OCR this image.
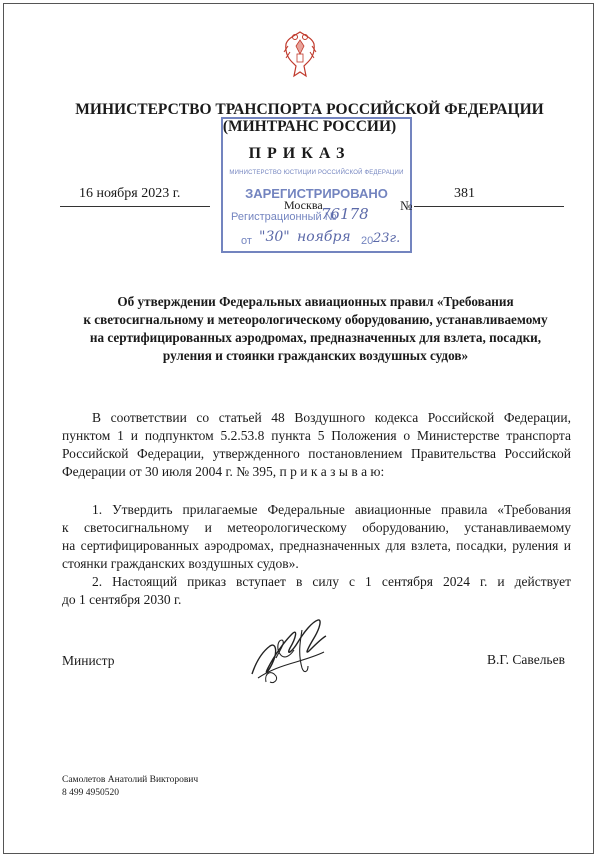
МИНИСТЕРСТВО ТРАНСПОРТА РОССИЙСКОЙ ФЕДЕРАЦИИ
(МИНТРАНС РОССИИ)
МИНИСТЕРСТВО ЮСТИЦИИ РОССИЙСКОЙ ФЕДЕРАЦИИ
ЗАРЕГИСТРИРОВАНО
Регистрационный №
76178
от "30" ноября 20 23г.
ПРИКАЗ
16 ноября 2023 г.
Москва	№
381
Об утверждении Федеральных авиационных правил «Требования
к светосигнальному и метеорологическому оборудованию, устанавливаемому
на сертифицированных аэродромах, предназначенных для взлета, посадки,
руления и стоянки гражданских воздушных судов»
В соответствии со статьей 48 Воздушного кодекса Российской Федерации,
пунктом 1 и подпунктом 5.2.53.8 пункта 5 Положения о Министерстве транспорта
Российской Федерации, утвержденного постановлением Правительства Российской
Федерации от 30 июля 2004 г. № 395, п р и к а з ы в а ю:
1. Утвердить прилагаемые Федеральные авиационные правила «Требования
к светосигнальному и метеорологическому оборудованию, устанавливаемому
на сертифицированных аэродромах, предназначенных для взлета, посадки, руления и
стоянки гражданских воздушных судов».
2. Настоящий приказ вступает в силу с 1 сентября 2024 г. и действует
до 1 сентября 2030 г.
Министр	В.Г. Савельев
Самолетов Анатолий Викторович
8 499 4950520
